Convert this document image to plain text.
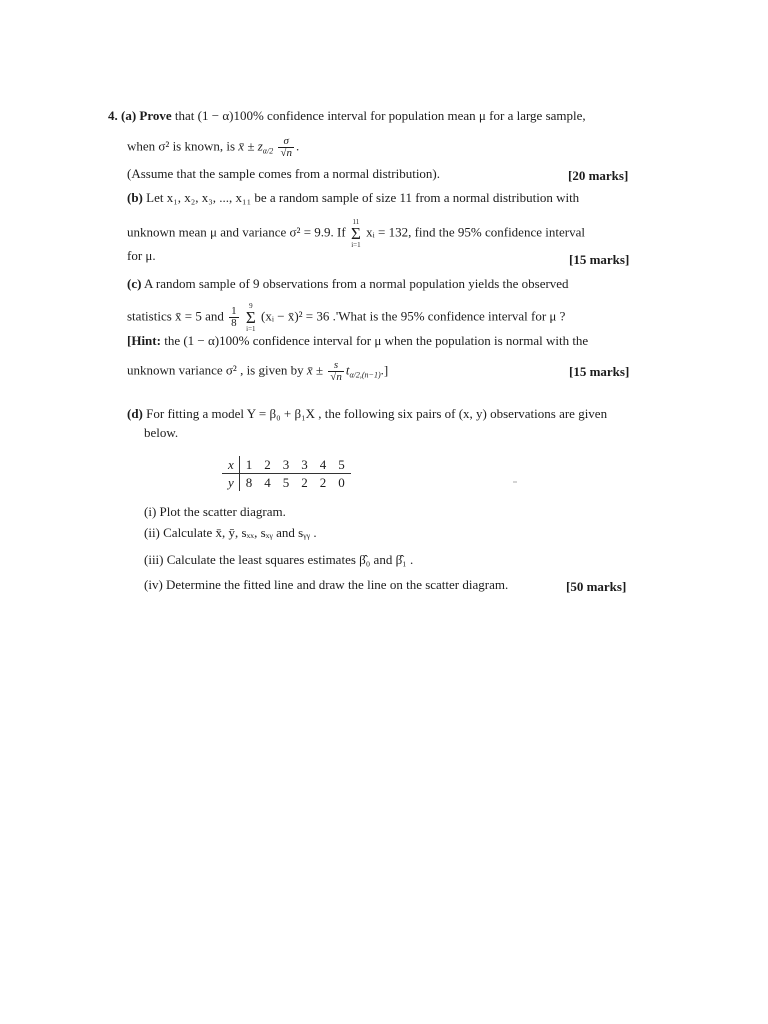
4. (a) Prove that (1 − α)100% confidence interval for population mean μ for a large sample,
when σ² is known, is x̄ ± $z_{\alpha/2} \frac{\sigma}{√n}$ .
(Assume that the sample comes from a normal distribution).	[20 marks]
(b) Let x₁, x₂, x₃, ..., x₁₁ be a random sample of size 11 from a normal distribution with
unknown mean μ and variance σ² = 9.9. If
11
Σ
i=1
xᵢ = 132, find the 95% confidence interval
for μ.	[15 marks]
(c) A random sample of 9 observations from a normal population yields the observed
statistics x̄ = 5 and $\frac{1}{8}$
	9
Σ
i=1
(xᵢ − x̄)² = 36 .'What is the 95% confidence interval for μ ?
[Hint: the (1 − α)100% confidence interval for μ when the population is normal with the
unknown variance σ² , is given by x̄ ± $\frac{s}{√n} t_{\alpha/2,(n-1)}$.]	[15 marks]
(d) For fitting a model Y = β₀ + β₁X , the following six pairs of (x, y) observations are given
below.
x	1	2	3	3	4	5
y	8	4	5	2	2	0
(i) Plot the scatter diagram.
(ii) Calculate x̄, ȳ, sₓₓ, sₓᵧ and sᵧᵧ .
(iii) Calculate the least squares estimates β̂₀ and β̂₁ .
(iv) Determine the fitted line and draw the line on the scatter diagram.	[50 marks]
